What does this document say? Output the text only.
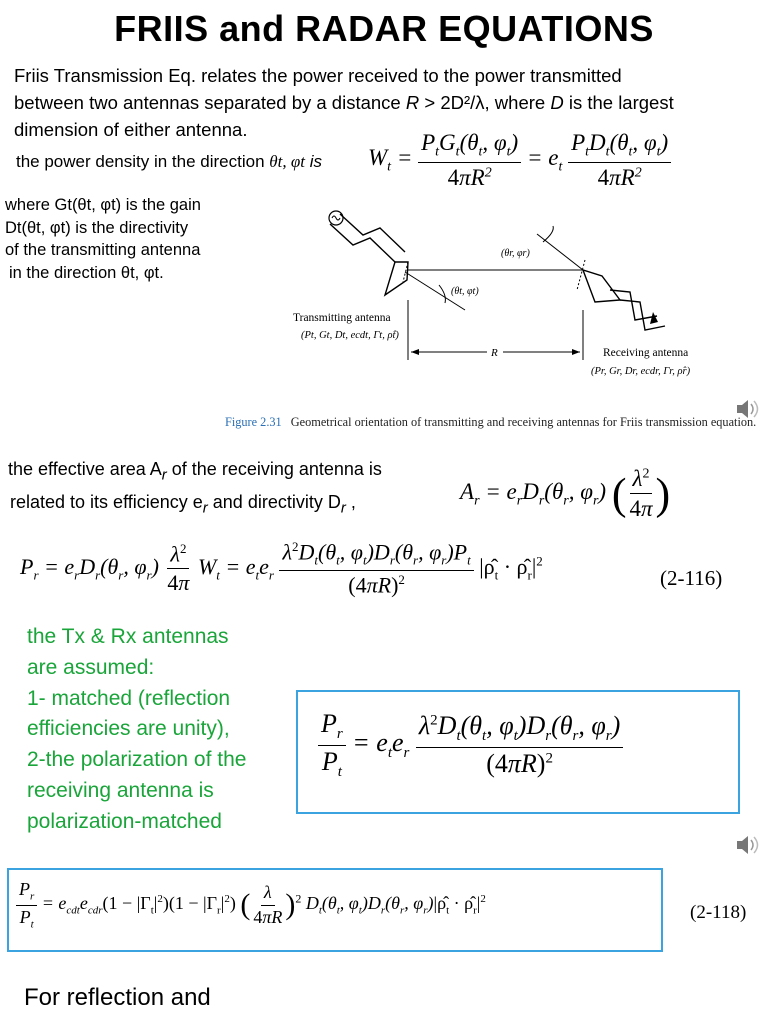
FRIIS and RADAR EQUATIONS
Friis Transmission Eq. relates the power received to the power transmitted
between two antennas separated by a distance R > 2D²/λ, where D is the largest
dimension of either antenna.
the power density in the direction θt, φt is $W_t = \frac{P_tG_t(\theta_t, \varphi_t)}{4\pi R^2} = e_t \frac{P_tD_t(\theta_t, \varphi_t)}{4\pi R^2}$
where Gt(θt, φt) is the gain
Dt(θt, φt) is the directivity
of the transmitting antenna
in the direction θt, φt.
R
(θt, φt)
(θr, φr)
Transmitting antenna
(Pt, Gt, Dt, ecdt, Γt, ρ̂t)
Receiving antenna
(Pr, Gr, Dr, ecdr, Γr, ρ̂r)
Figure 2.31 Geometrical orientation of transmitting and receiving antennas for Friis transmission equation.
the effective area $A_r$ of the receiving antenna is
related to its efficiency $e_r$ and directivity $D_r$ ,	$A_r = e_rD_r(\theta_r$, $\varphi_r$) ( $\frac{\lambda^2}{4\pi}$ )
$P_r = e_rD_r(\theta_r$, $\varphi_r) \frac{\lambda^2}{4\pi} W_t = e_te_r \frac{\lambda^2D_t(\theta_t, \varphi_t)D_r(\theta_r, \varphi_r)P_t}{(4\pi R)^2}$ $|\rhô_t$ · $\rhô_r|^2$
(2-116)
the Tx & Rx antennas
are assumed:
1- matched (reflection
efficiencies are unity),
2-the polarization of the
receiving antenna is
polarization-matched
$\frac{P_r}{P_t} = e_te_r \frac{\lambda^2D_t(\theta_t, \varphi_t)D_r(\theta_r, \varphi_r)}{(4\pi R)^2}$
$\frac{P_r}{P_t} = e_{cdt}e_{cdr}(1 - |\Gamma_t|^2)(1 - |\Gamma_r|^2)$ ( $\frac{\lambda}{4\pi R} )^2$ $D_t(\theta_t$, $\varphi_t)D_r(\theta_r$, $\varphi_r)|\rhô_t$ · $\rhô_r|^2$
(2-118)
For reflection and
